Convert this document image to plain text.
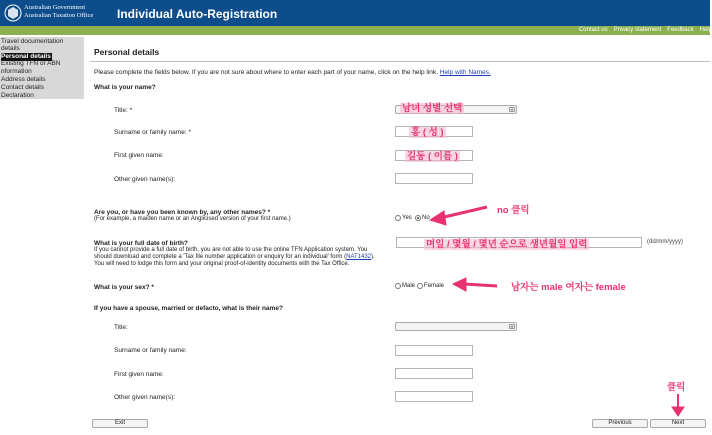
Australian Government
Australian Taxation Office Individual Auto-Registration
Contact us Privacy statement Feedback Help
Travel documentation
details
Personal details
Existing TFN or ABN
nformation
Address details
Contact details
Declaration
Personal details
Please complete the fields below. If you are not sure about where to enter each part of your name, click on the help link. Help with Names.
What is your name?
Title: *	▾
Surname or family name: *
First given name:
Other given name(s):
Are you, or have you been known by, any other names? *
(For example, a maiden name or an Anglicised version of your first name.)	Yes No
What is your full date of birth?
If you cannot provide a full date of birth, you are not able to use the online TFN Application system. You
should download and complete a 'Tax file number application or enquiry for an individual' form (NAT1432).
You will need to lodge this form and your original proof-of-identity documents with the Tax Office.
(dd/mm/yyyy)
What is your sex? *	Male Female
If you have a spouse, married or defacto, what is their name?
Title:	▾
Surname or family name:
First given name:
Other given name(s):
Exit	Previous	Next
남녀 성별 선택
홍 ( 성 )
길동 ( 이름 )
no 클릭
며일 / 몇월 / 몇년 순으로 생년월일 입력
남자는 male 여자는 female
클릭
